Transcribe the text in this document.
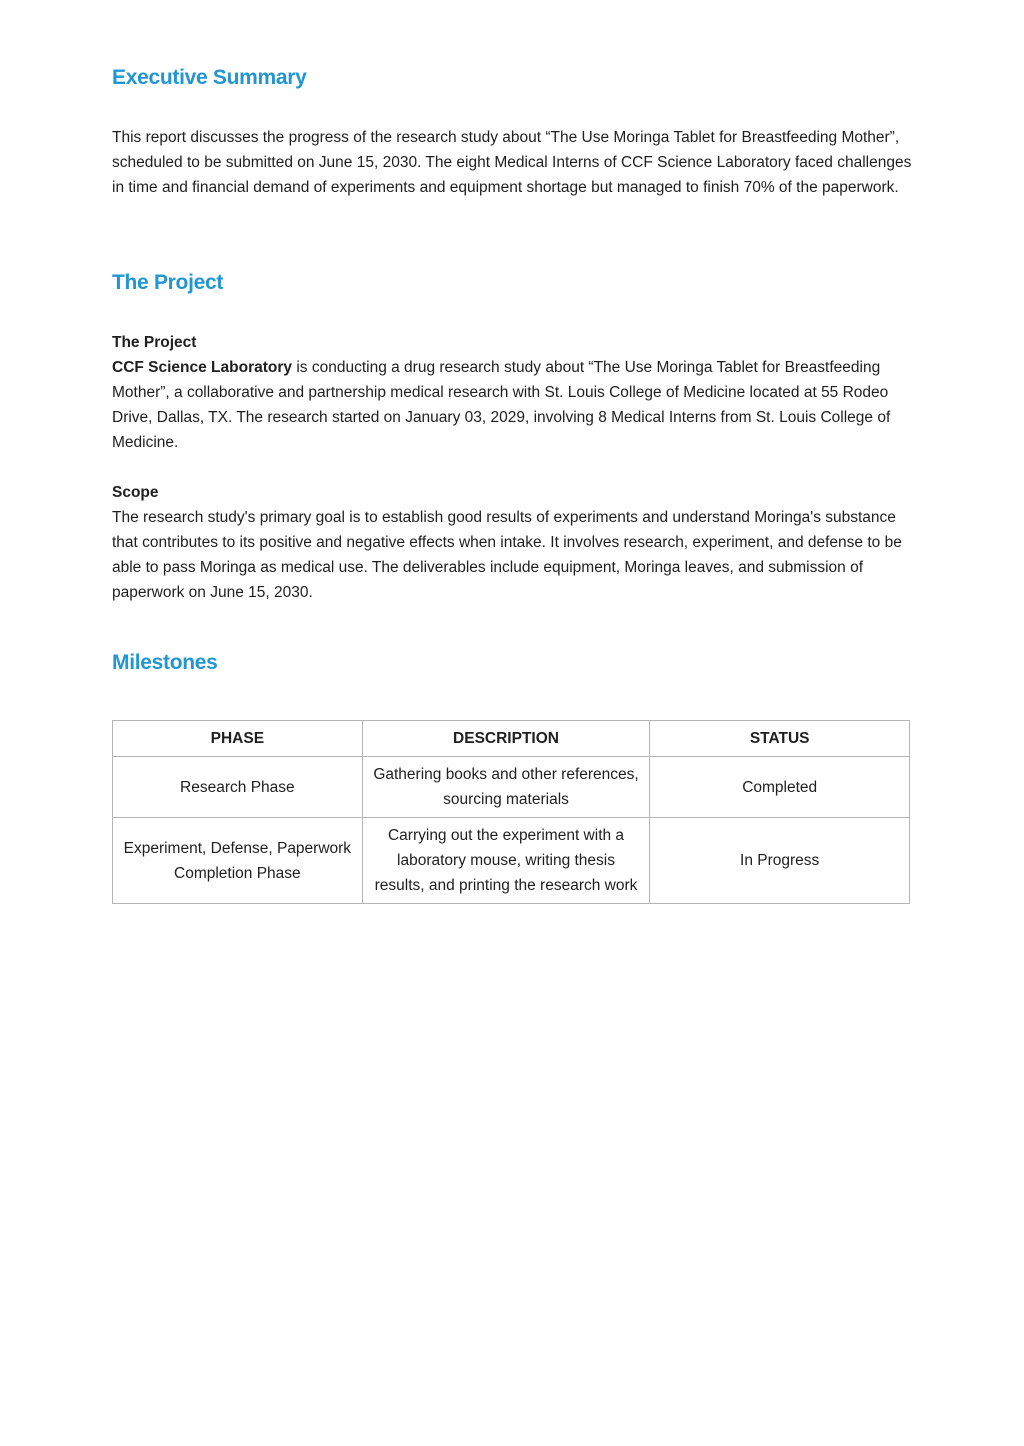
Executive Summary

This report discusses the progress of the research study about “The Use Moringa Tablet for Breastfeeding Mother”, scheduled to be submitted on June 15, 2030. The eight Medical Interns of CCF Science Laboratory faced challenges in time and financial demand of experiments and equipment shortage but managed to finish 70% of the paperwork.

The Project
The Project
CCF Science Laboratory is conducting a drug research study about “The Use Moringa Tablet for Breastfeeding Mother”, a collaborative and partnership medical research with St. Louis College of Medicine located at 55 Rodeo Drive, Dallas, TX. The research started on January 03, 2029, involving 8 Medical Interns from St. Louis College of Medicine.
Scope
The research study's primary goal is to establish good results of experiments and understand Moringa's substance that contributes to its positive and negative effects when intake. It involves research, experiment, and defense to be able to pass Moringa as medical use. The deliverables include equipment, Moringa leaves, and submission of paperwork on June 15, 2030.
Milestones
PHASE	DESCRIPTION	STATUS
Research Phase	Gathering books and other references, sourcing materials	Completed
Experiment, Defense, Paperwork Completion Phase	Carrying out the experiment with a laboratory mouse, writing thesis results, and printing the research work	In Progress
